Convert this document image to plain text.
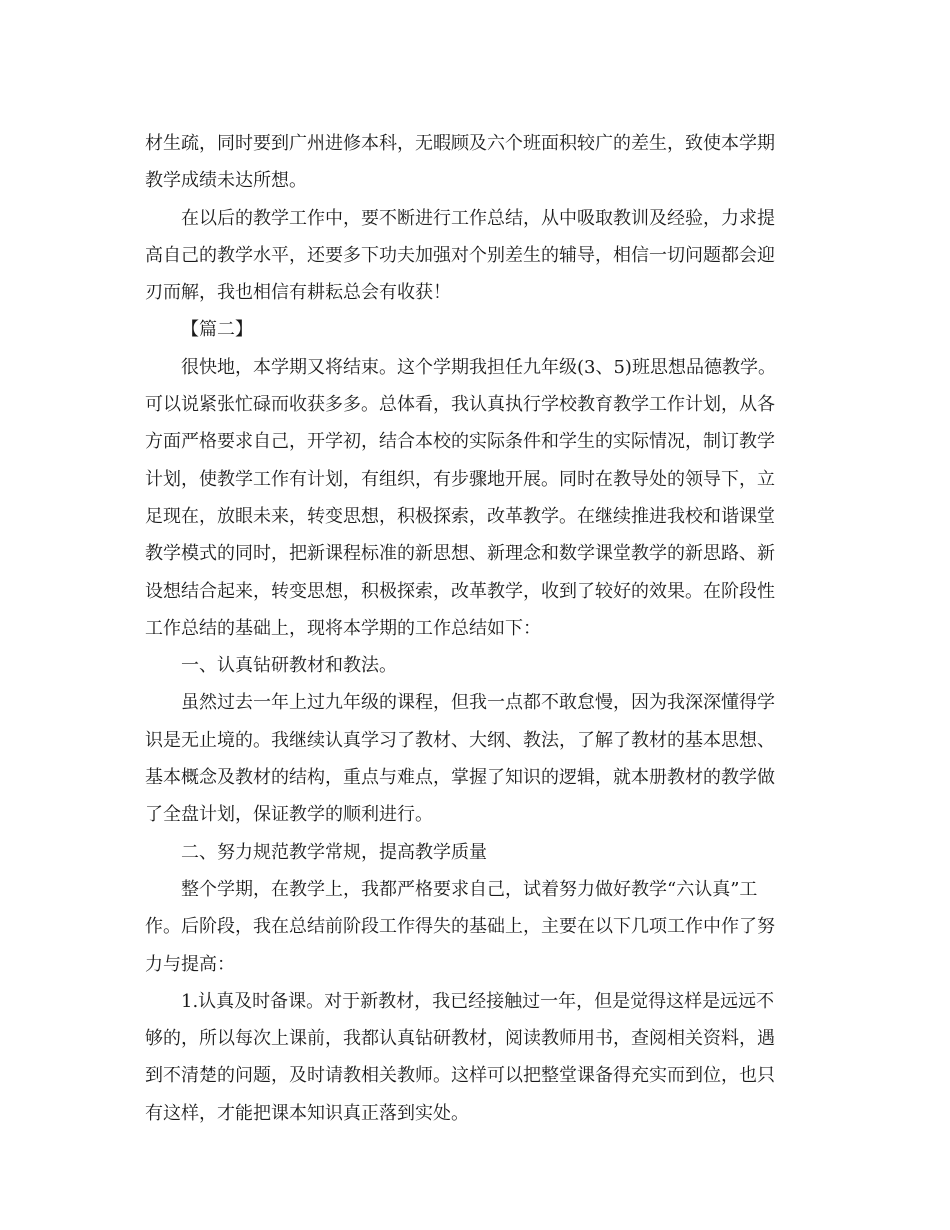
材生疏，同时要到广州进修本科，无暇顾及六个班面积较广的差生，致使本学期
教学成绩未达所想。
在以后的教学工作中，要不断进行工作总结，从中吸取教训及经验，力求提
高自己的教学水平，还要多下功夫加强对个别差生的辅导，相信一切问题都会迎
刃而解，我也相信有耕耘总会有收获！
【篇二】
很快地，本学期又将结束。这个学期我担任九年级(3、5)班思想品德教学。
可以说紧张忙碌而收获多多。总体看，我认真执行学校教育教学工作计划，从各
方面严格要求自己，开学初，结合本校的实际条件和学生的实际情况，制订教学
计划，使教学工作有计划，有组织，有步骤地开展。同时在教导处的领导下，立
足现在，放眼未来，转变思想，积极探索，改革教学。在继续推进我校和谐课堂
教学模式的同时，把新课程标准的新思想、新理念和数学课堂教学的新思路、新
设想结合起来，转变思想，积极探索，改革教学，收到了较好的效果。在阶段性
工作总结的基础上，现将本学期的工作总结如下：
一、认真钻研教材和教法。
虽然过去一年上过九年级的课程，但我一点都不敢怠慢，因为我深深懂得学
识是无止境的。我继续认真学习了教材、大纲、教法，了解了教材的基本思想、
基本概念及教材的结构，重点与难点，掌握了知识的逻辑，就本册教材的教学做
了全盘计划，保证教学的顺利进行。
二、努力规范教学常规，提高教学质量
整个学期，在教学上，我都严格要求自己，试着努力做好教学“六认真”工
作。后阶段，我在总结前阶段工作得失的基础上，主要在以下几项工作中作了努
力与提高：
1.认真及时备课。对于新教材，我已经接触过一年，但是觉得这样是远远不
够的，所以每次上课前，我都认真钻研教材，阅读教师用书，查阅相关资料，遇
到不清楚的问题，及时请教相关教师。这样可以把整堂课备得充实而到位，也只
有这样，才能把课本知识真正落到实处。
